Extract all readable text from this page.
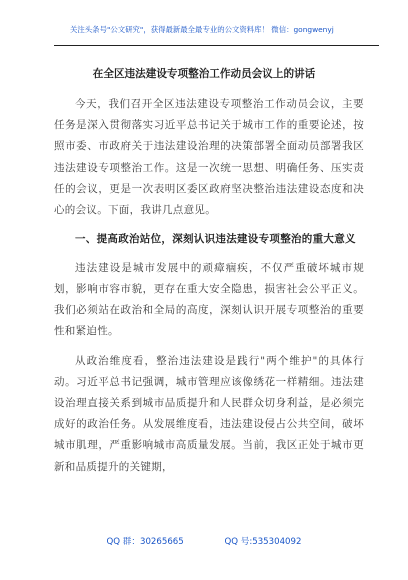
关注头条号"公文研究"，获得最新最全最专业的公文资料库！ 微信：gongwenyj
在全区违法建设专项整治工作动员会议上的讲话

今天，我们召开全区违法建设专项整治工作动员会议，主要任务是深入贯彻落实习近平总书记关于城市工作的重要论述，按照市委、市政府关于违法建设治理的决策部署全面动员部署我区违法建设专项整治工作。这是一次统一思想、明确任务、压实责任的会议，更是一次表明区委区政府坚决整治违法建设态度和决心的会议。下面，我讲几点意见。

一、提高政治站位，深刻认识违法建设专项整治的重大意义

违法建设是城市发展中的顽瘴痼疾，不仅严重破坏城市规划，影响市容市貌，更存在重大安全隐患，损害社会公平正义。我们必须站在政治和全局的高度，深刻认识开展专项整治的重要性和紧迫性。

从政治维度看，整治违法建设是践行"两个维护"的具体行动。习近平总书记强调，城市管理应该像绣花一样精细。违法建设治理直接关系到城市品质提升和人民群众切身利益，是必须完成好的政治任务。从发展维度看，违法建设侵占公共空间，破坏城市肌理，严重影响城市高质量发展。当前，我区正处于城市更新和品质提升的关键期，

QQ 群：30265665	QQ 号:535304092
